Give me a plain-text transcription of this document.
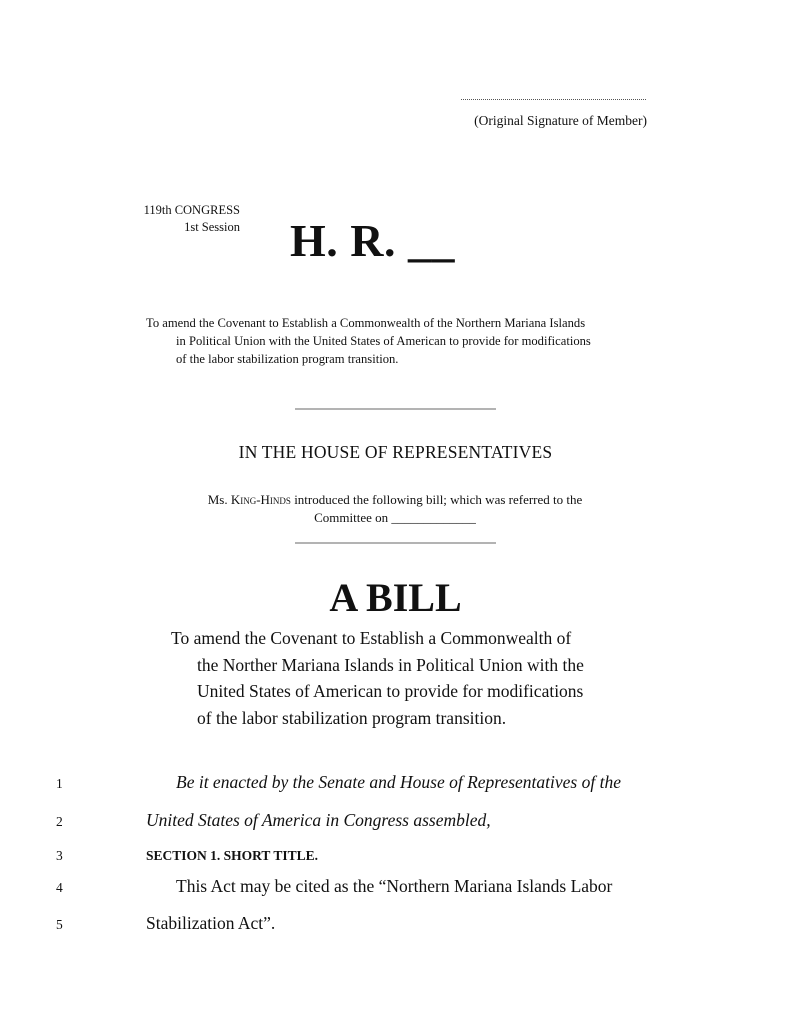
(Original Signature of Member)
119th CONGRESS
1st Session H. R. __
To amend the Covenant to Establish a Commonwealth of the Northern Mariana Islands
in Political Union with the United States of American to provide for modifications
of the labor stabilization program transition.
IN THE HOUSE OF REPRESENTATIVES
Ms. King-Hinds introduced the following bill; which was referred to the
Committee on _____________
A BILL
To amend the Covenant to Establish a Commonwealth of
the Norther Mariana Islands in Political Union with the
United States of American to provide for modifications
of the labor stabilization program transition.
1	Be it enacted by the Senate and House of Representatives of the
2	United States of America in Congress assembled,
3	SECTION 1. SHORT TITLE.
4	This Act may be cited as the “Northern Mariana Islands Labor
5	Stabilization Act”.
